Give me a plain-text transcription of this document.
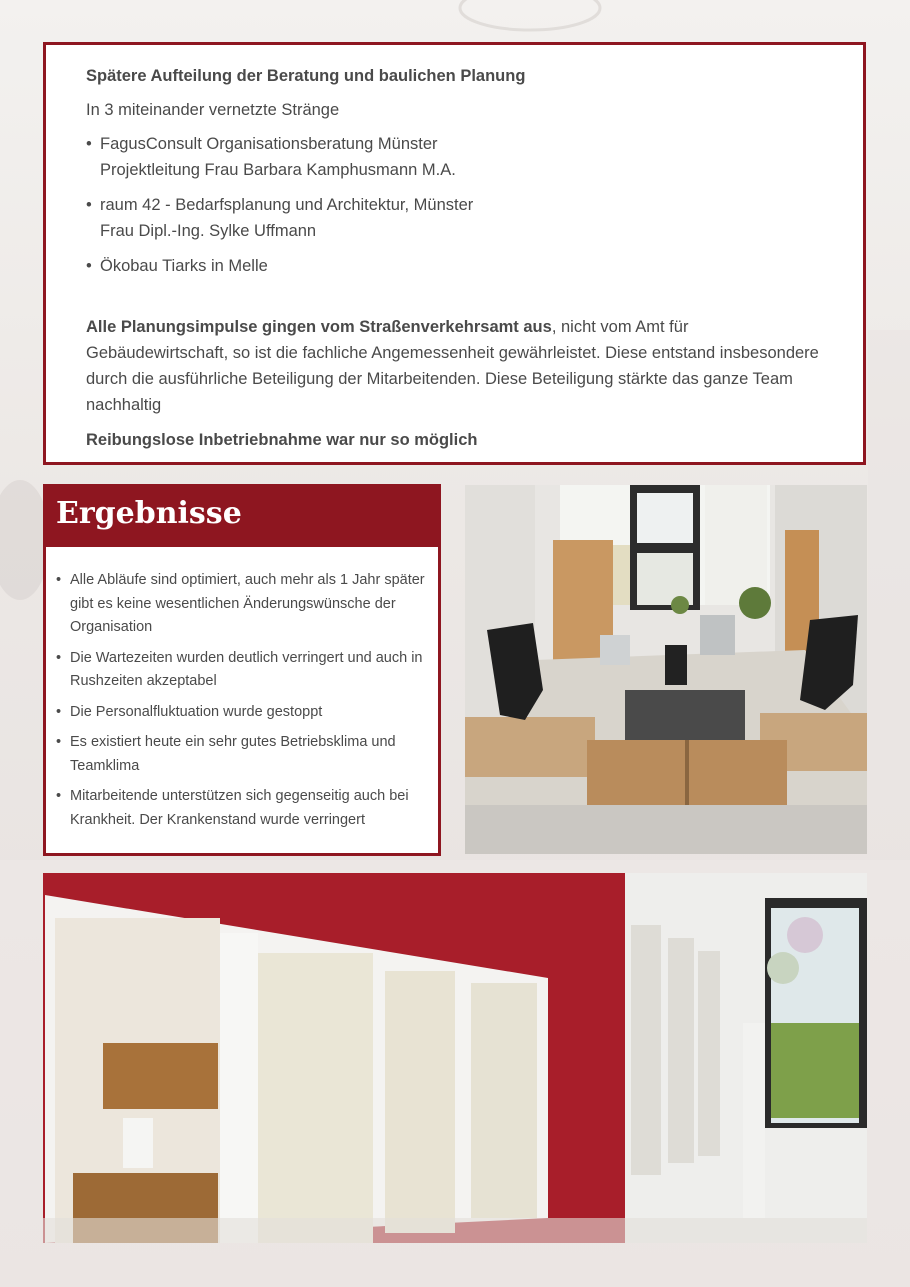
Spätere Aufteilung der Beratung und baulichen Planung

In 3 miteinander vernetzte Stränge

• FagusConsult Organisationsberatung Münster
Projektleitung Frau Barbara Kamphusmann M.A.
• raum 42 - Bedarfsplanung und Architektur, Münster
Frau Dipl.-Ing. Sylke Uffmann
• Ökobau Tiarks in Melle

Alle Planungsimpulse gingen vom Straßenverkehrsamt aus, nicht vom Amt für Gebäudewirtschaft, so ist die fachliche Angemessenheit gewährleistet. Diese entstand insbesondere durch die ausführliche Beteiligung der Mitarbeitenden. Diese Beteiligung stärkte das ganze Team nachhaltig

Reibungslose Inbetriebnahme war nur so möglich

Ergebnisse
• Alle Abläufe sind optimiert, auch mehr als 1 Jahr später gibt es keine wesentlichen Änderungswünsche der Organisation
• Die Wartezeiten wurden deutlich verringert und auch in Rushzeiten akzeptabel
• Die Personalfluktuation wurde gestoppt
• Es existiert heute ein sehr gutes Betriebsklima und Teamklima
• Mitarbeitende unterstützen sich gegenseitig auch bei Krankheit. Der Krankenstand wurde verringert
